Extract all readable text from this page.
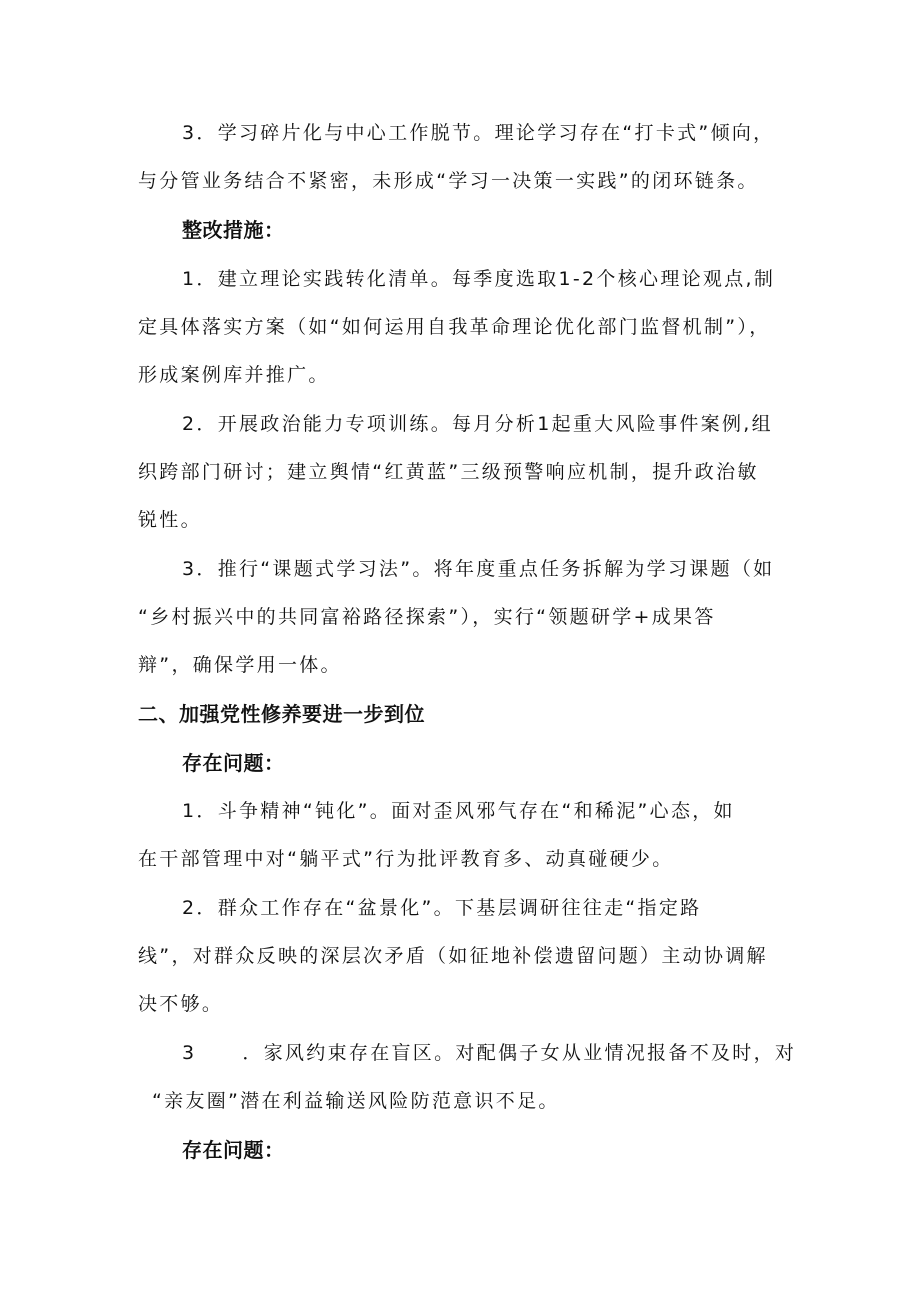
3．学习碎片化与中心工作脱节。理论学习存在“打卡式”倾向，
与分管业务结合不紧密，未形成“学习一决策一实践”的闭环链条。
整改措施：
1．建立理论实践转化清单。每季度选取1-2个核心理论观点,制
定具体落实方案（如“如何运用自我革命理论优化部门监督机制”），
形成案例库并推广。
2．开展政治能力专项训练。每月分析1起重大风险事件案例,组
织跨部门研讨；建立舆情“红黄蓝”三级预警响应机制，提升政治敏
锐性。
3．推行“课题式学习法”。将年度重点任务拆解为学习课题（如
“乡村振兴中的共同富裕路径探索”），实行“领题研学+成果答
辩”，确保学用一体。
二、加强党性修养要进一步到位
存在问题：
1．斗争精神“钝化”。面对歪风邪气存在“和稀泥”心态，如
在干部管理中对“躺平式”行为批评教育多、动真碰硬少。
2．群众工作存在“盆景化”。下基层调研往往走“指定路
线”，对群众反映的深层次矛盾（如征地补偿遗留问题）主动协调解
决不够。
3 ．家风约束存在盲区。对配偶子女从业情况报备不及时，对
“亲友圈”潜在利益输送风险防范意识不足。
存在问题：
